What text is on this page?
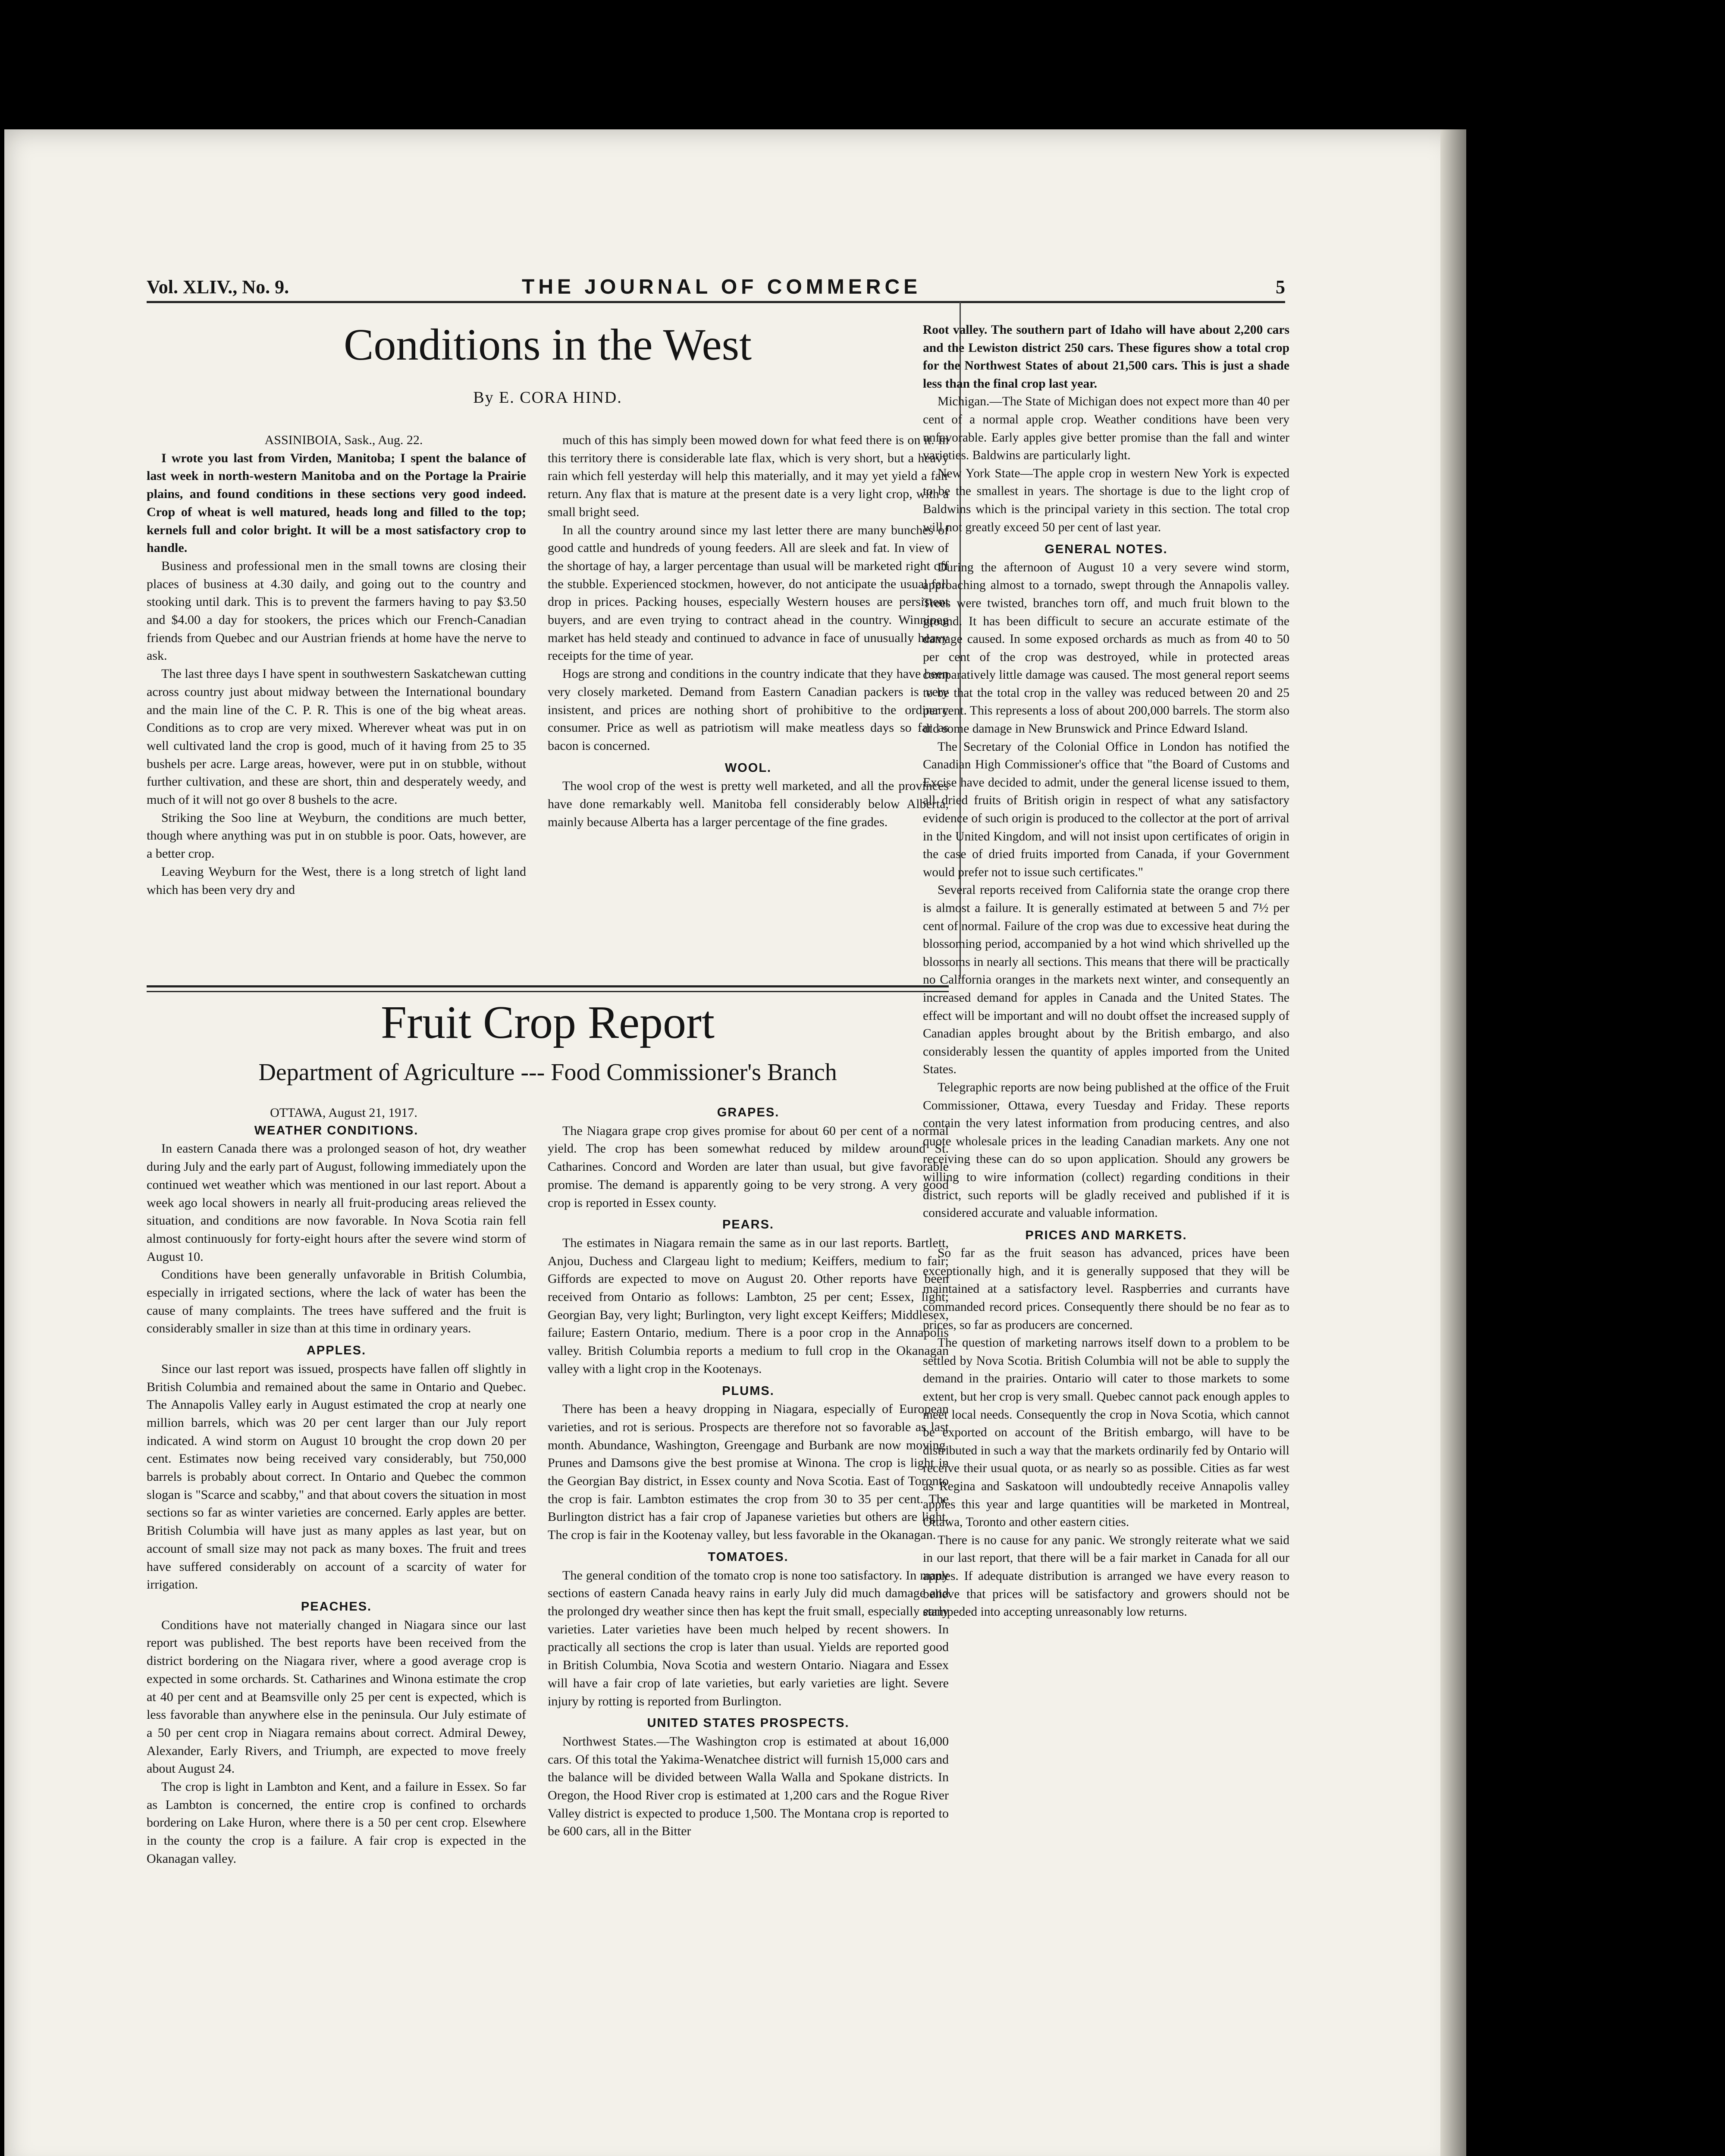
Vol. XLIV., No. 9.	THE JOURNAL OF COMMERCE	5
Conditions in the West
By E. CORA HIND.

ASSINIBOIA, Sask., Aug. 22.

I wrote you last from Virden, Manitoba; I spent the balance of last week in north-western Manitoba and on the Portage la Prairie plains, and found conditions in these sections very good indeed. Crop of wheat is well matured, heads long and filled to the top; kernels full and color bright. It will be a most satisfactory crop to handle.

Business and professional men in the small towns are closing their places of business at 4.30 daily, and going out to the country and stooking until dark. This is to prevent the farmers having to pay $3.50 and $4.00 a day for stookers, the prices which our French-Canadian friends from Quebec and our Austrian friends at home have the nerve to ask.

The last three days I have spent in southwestern Saskatchewan cutting across country just about midway between the International boundary and the main line of the C. P. R. This is one of the big wheat areas. Conditions as to crop are very mixed. Wherever wheat was put in on well cultivated land the crop is good, much of it having from 25 to 35 bushels per acre. Large areas, however, were put in on stubble, without further cultivation, and these are short, thin and desperately weedy, and much of it will not go over 8 bushels to the acre.

Striking the Soo line at Weyburn, the conditions are much better, though where anything was put in on stubble is poor. Oats, however, are a better crop.

Leaving Weyburn for the West, there is a long stretch of light land which has been very dry and

much of this has simply been mowed down for what feed there is on it. In this territory there is considerable late flax, which is very short, but a heavy rain which fell yesterday will help this materially, and it may yet yield a fair return. Any flax that is mature at the present date is a very light crop, with a small bright seed.

In all the country around since my last letter there are many bunches of good cattle and hundreds of young feeders. All are sleek and fat. In view of the shortage of hay, a larger percentage than usual will be marketed right off the stubble. Experienced stockmen, however, do not anticipate the usual fall drop in prices. Packing houses, especially Western houses are persistent buyers, and are even trying to contract ahead in the country. Winnipeg market has held steady and continued to advance in face of unusually heavy receipts for the time of year.

Hogs are strong and conditions in the country indicate that they have been very closely marketed. Demand from Eastern Canadian packers is very insistent, and prices are nothing short of prohibitive to the ordinary consumer. Price as well as patriotism will make meatless days so far as bacon is concerned.

WOOL.

The wool crop of the west is pretty well marketed, and all the provinces have done remarkably well. Manitoba fell considerably below Alberta, mainly because Alberta has a larger percentage of the fine grades.

Fruit Crop Report
Department of Agriculture --- Food Commissioner's Branch

OTTAWA, August 21, 1917.

WEATHER CONDITIONS.

In eastern Canada there was a prolonged season of hot, dry weather during July and the early part of August, following immediately upon the continued wet weather which was mentioned in our last report. About a week ago local showers in nearly all fruit-producing areas relieved the situation, and conditions are now favorable. In Nova Scotia rain fell almost continuously for forty-eight hours after the severe wind storm of August 10.

Conditions have been generally unfavorable in British Columbia, especially in irrigated sections, where the lack of water has been the cause of many complaints. The trees have suffered and the fruit is considerably smaller in size than at this time in ordinary years.

APPLES.

Since our last report was issued, prospects have fallen off slightly in British Columbia and remained about the same in Ontario and Quebec. The Annapolis Valley early in August estimated the crop at nearly one million barrels, which was 20 per cent larger than our July report indicated. A wind storm on August 10 brought the crop down 20 per cent. Estimates now being received vary considerably, but 750,000 barrels is probably about correct. In Ontario and Quebec the common slogan is "Scarce and scabby," and that about covers the situation in most sections so far as winter varieties are concerned. Early apples are better. British Columbia will have just as many apples as last year, but on account of small size may not pack as many boxes. The fruit and trees have suffered considerably on account of a scarcity of water for irrigation.

PEACHES.

Conditions have not materially changed in Niagara since our last report was published. The best reports have been received from the district bordering on the Niagara river, where a good average crop is expected in some orchards. St. Catharines and Winona estimate the crop at 40 per cent and at Beamsville only 25 per cent is expected, which is less favorable than anywhere else in the peninsula. Our July estimate of a 50 per cent crop in Niagara remains about correct. Admiral Dewey, Alexander, Early Rivers, and Triumph, are expected to move freely about August 24.

The crop is light in Lambton and Kent, and a failure in Essex. So far as Lambton is concerned, the entire crop is confined to orchards bordering on Lake Huron, where there is a 50 per cent crop. Elsewhere in the county the crop is a failure. A fair crop is expected in the Okanagan valley.

GRAPES.

The Niagara grape crop gives promise for about 60 per cent of a normal yield. The crop has been somewhat reduced by mildew around St. Catharines. Concord and Worden are later than usual, but give favorable promise. The demand is apparently going to be very strong. A very good crop is reported in Essex county.

PEARS.

The estimates in Niagara remain the same as in our last reports. Bartlett, Anjou, Duchess and Clargeau light to medium; Keiffers, medium to fair; Giffords are expected to move on August 20. Other reports have been received from Ontario as follows: Lambton, 25 per cent; Essex, light; Georgian Bay, very light; Burlington, very light except Keiffers; Middlesex, failure; Eastern Ontario, medium. There is a poor crop in the Annapolis valley. British Columbia reports a medium to full crop in the Okanagan valley with a light crop in the Kootenays.

PLUMS.

There has been a heavy dropping in Niagara, especially of European varieties, and rot is serious. Prospects are therefore not so favorable as last month. Abundance, Washington, Greengage and Burbank are now moving. Prunes and Damsons give the best promise at Winona. The crop is light in the Georgian Bay district, in Essex county and Nova Scotia. East of Toronto the crop is fair. Lambton estimates the crop from 30 to 35 per cent. The Burlington district has a fair crop of Japanese varieties but others are light. The crop is fair in the Kootenay valley, but less favorable in the Okanagan.

TOMATOES.

The general condition of the tomato crop is none too satisfactory. In many sections of eastern Canada heavy rains in early July did much damage and the prolonged dry weather since then has kept the fruit small, especially early varieties. Later varieties have been much helped by recent showers. In practically all sections the crop is later than usual. Yields are reported good in British Columbia, Nova Scotia and western Ontario. Niagara and Essex will have a fair crop of late varieties, but early varieties are light. Severe injury by rotting is reported from Burlington.

UNITED STATES PROSPECTS.

Northwest States.—The Washington crop is estimated at about 16,000 cars. Of this total the Yakima-Wenatchee district will furnish 15,000 cars and the balance will be divided between Walla Walla and Spokane districts. In Oregon, the Hood River crop is estimated at 1,200 cars and the Rogue River Valley district is expected to produce 1,500. The Montana crop is reported to be 600 cars, all in the Bitter

Root valley. The southern part of Idaho will have about 2,200 cars and the Lewiston district 250 cars. These figures show a total crop for the Northwest States of about 21,500 cars. This is just a shade less than the final crop last year.

Michigan.—The State of Michigan does not expect more than 40 per cent of a normal apple crop. Weather conditions have been very unfavorable. Early apples give better promise than the fall and winter varieties. Baldwins are particularly light.

New York State—The apple crop in western New York is expected to be the smallest in years. The shortage is due to the light crop of Baldwins which is the principal variety in this section. The total crop will not greatly exceed 50 per cent of last year.

GENERAL NOTES.

During the afternoon of August 10 a very severe wind storm, approaching almost to a tornado, swept through the Annapolis valley. Trees were twisted, branches torn off, and much fruit blown to the ground. It has been difficult to secure an accurate estimate of the damage caused. In some exposed orchards as much as from 40 to 50 per cent of the crop was destroyed, while in protected areas comparatively little damage was caused. The most general report seems to be that the total crop in the valley was reduced between 20 and 25 per cent. This represents a loss of about 200,000 barrels. The storm also did some damage in New Brunswick and Prince Edward Island.

The Secretary of the Colonial Office in London has notified the Canadian High Commissioner's office that "the Board of Customs and Excise have decided to admit, under the general license issued to them, all dried fruits of British origin in respect of what any satisfactory evidence of such origin is produced to the collector at the port of arrival in the United Kingdom, and will not insist upon certificates of origin in the case of dried fruits imported from Canada, if your Government would prefer not to issue such certificates."

Several reports received from California state the orange crop there is almost a failure. It is generally estimated at between 5 and 7½ per cent of normal. Failure of the crop was due to excessive heat during the blossoming period, accompanied by a hot wind which shrivelled up the blossoms in nearly all sections. This means that there will be practically no California oranges in the markets next winter, and consequently an increased demand for apples in Canada and the United States. The effect will be important and will no doubt offset the increased supply of Canadian apples brought about by the British embargo, and also considerably lessen the quantity of apples imported from the United States.

Telegraphic reports are now being published at the office of the Fruit Commissioner, Ottawa, every Tuesday and Friday. These reports contain the very latest information from producing centres, and also quote wholesale prices in the leading Canadian markets. Any one not receiving these can do so upon application. Should any growers be willing to wire information (collect) regarding conditions in their district, such reports will be gladly received and published if it is considered accurate and valuable information.

PRICES AND MARKETS.

So far as the fruit season has advanced, prices have been exceptionally high, and it is generally supposed that they will be maintained at a satisfactory level. Raspberries and currants have commanded record prices. Consequently there should be no fear as to prices, so far as producers are concerned.

The question of marketing narrows itself down to a problem to be settled by Nova Scotia. British Columbia will not be able to supply the demand in the prairies. Ontario will cater to those markets to some extent, but her crop is very small. Quebec cannot pack enough apples to meet local needs. Consequently the crop in Nova Scotia, which cannot be exported on account of the British embargo, will have to be distributed in such a way that the markets ordinarily fed by Ontario will receive their usual quota, or as nearly so as possible. Cities as far west as Regina and Saskatoon will undoubtedly receive Annapolis valley apples this year and large quantities will be marketed in Montreal, Ottawa, Toronto and other eastern cities.

There is no cause for any panic. We strongly reiterate what we said in our last report, that there will be a fair market in Canada for all our apples. If adequate distribution is arranged we have every reason to believe that prices will be satisfactory and growers should not be stampeded into accepting unreasonably low returns.
